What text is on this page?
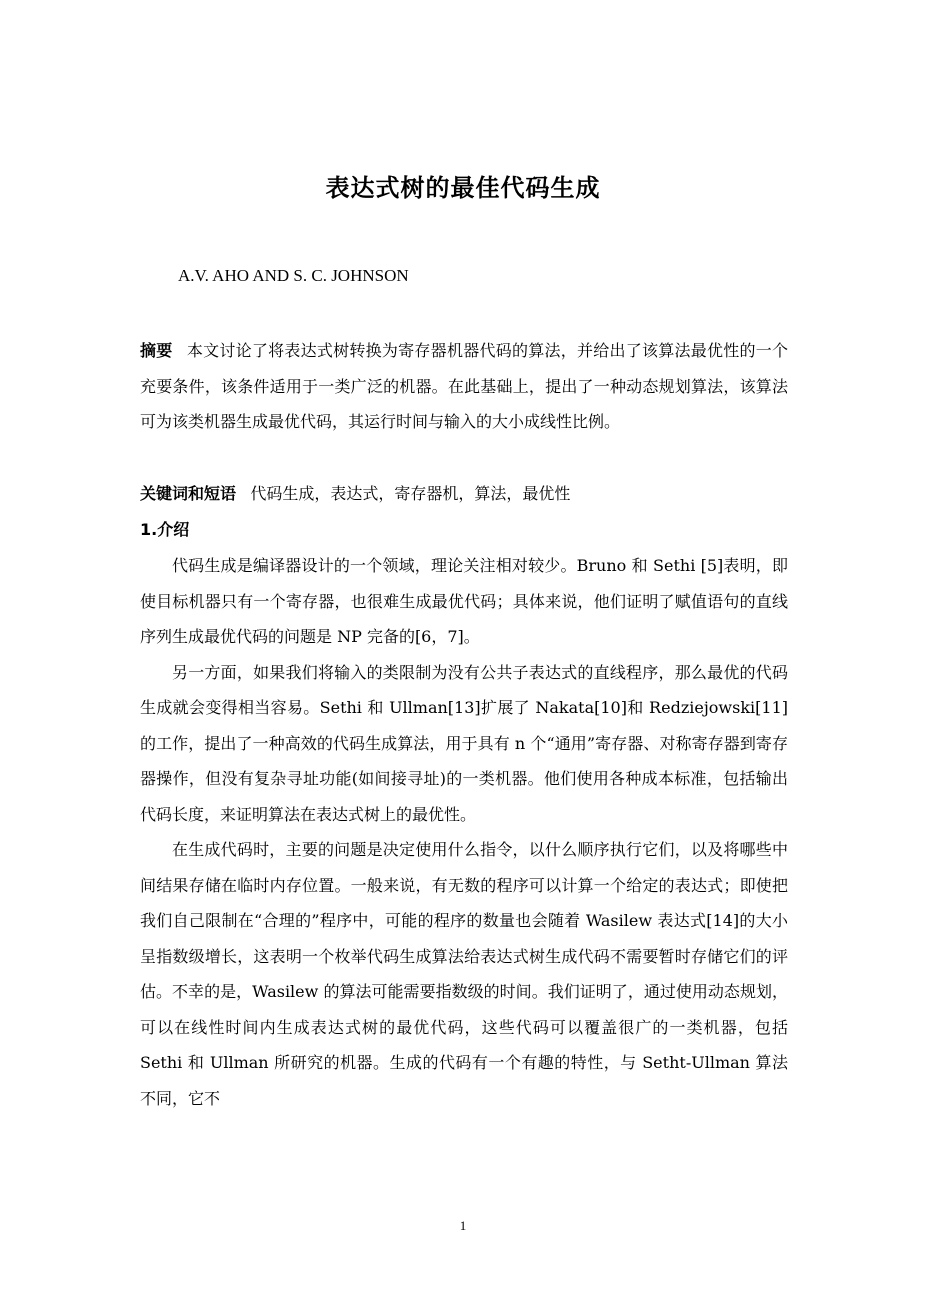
表达式树的最佳代码生成
A.V. AHO AND S. C. JOHNSON
摘要 本文讨论了将表达式树转换为寄存器机器代码的算法，并给出了该算法最优性的一个充要条件，该条件适用于一类广泛的机器。在此基础上，提出了一种动态规划算法，该算法可为该类机器生成最优代码，其运行时间与输入的大小成线性比例。
关键词和短语 代码生成，表达式，寄存器机，算法，最优性
1.介绍

代码生成是编译器设计的一个领域，理论关注相对较少。Bruno 和 Sethi [5]表明，即使目标机器只有一个寄存器，也很难生成最优代码；具体来说，他们证明了赋值语句的直线序列生成最优代码的问题是 NP 完备的[6，7]。

另一方面，如果我们将输入的类限制为没有公共子表达式的直线程序，那么最优的代码生成就会变得相当容易。Sethi 和 Ullman[13]扩展了 Nakata[10]和 Redziejowski[11]的工作，提出了一种高效的代码生成算法，用于具有 n 个“通用”寄存器、对称寄存器到寄存器操作，但没有复杂寻址功能(如间接寻址)的一类机器。他们使用各种成本标准，包括输出代码长度，来证明算法在表达式树上的最优性。

在生成代码时，主要的问题是决定使用什么指令，以什么顺序执行它们，以及将哪些中间结果存储在临时内存位置。一般来说，有无数的程序可以计算一个给定的表达式；即使把我们自己限制在“合理的”程序中，可能的程序的数量也会随着 Wasilew 表达式[14]的大小呈指数级增长，这表明一个枚举代码生成算法给表达式树生成代码不需要暂时存储它们的评估。不幸的是，Wasilew 的算法可能需要指数级的时间。我们证明了，通过使用动态规划，可以在线性时间内生成表达式树的最优代码，这些代码可以覆盖很广的一类机器，包括 Sethi 和 Ullman 所研究的机器。生成的代码有一个有趣的特性，与 Setht-Ullman 算法不同，它不

1
